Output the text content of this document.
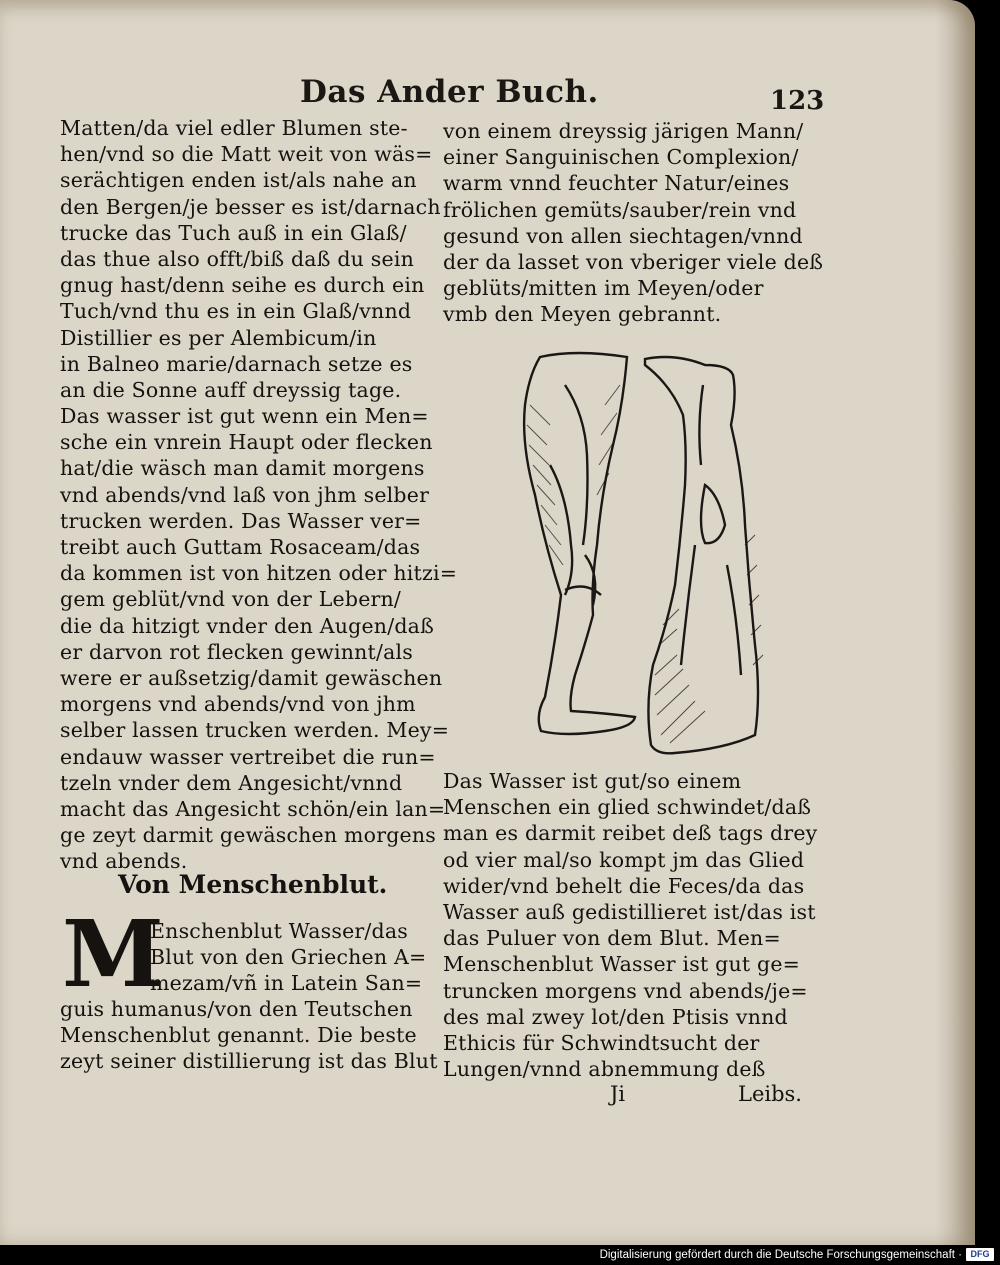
Das Ander Buch.	123
Matten/da viel edler Blumen ste-
hen/vnd so die Matt weit von wäs=
serächtigen enden ist/als nahe an
den Bergen/je besser es ist/darnach
trucke das Tuch auß in ein Glaß/
das thue also offt/biß daß du sein
gnug hast/denn seihe es durch ein
Tuch/vnd thu es in ein Glaß/vnnd
Distillier es per Alembicum/in
in Balneo marie/darnach setze es
an die Sonne auff dreyssig tage.
Das wasser ist gut wenn ein Men=
sche ein vnrein Haupt oder flecken
hat/die wäsch man damit morgens
vnd abends/vnd laß von jhm selber
trucken werden. Das Wasser ver=
treibt auch Guttam Rosaceam/das
da kommen ist von hitzen oder hitzi=
gem geblüt/vnd von der Lebern/
die da hitzigt vnder den Augen/daß
er darvon rot flecken gewinnt/als
were er außsetzig/damit gewäschen
morgens vnd abends/vnd von jhm
selber lassen trucken werden. Mey=
endauw wasser vertreibet die run=
tzeln vnder dem Angesicht/vnnd
macht das Angesicht schön/ein lan=
ge zeyt darmit gewäschen morgens
vnd abends.
Von Menschenblut.
M
Enschenblut Wasser/das
Blut von den Griechen A=
mezam/vñ in Latein San=
guis humanus/von den Teutschen
Menschenblut genannt. Die beste
zeyt seiner distillierung ist das Blut
von einem dreyssig järigen Mann/
einer Sanguinischen Complexion/
warm vnnd feuchter Natur/eines
frölichen gemüts/sauber/rein vnd
gesund von allen siechtagen/vnnd
der da lasset von vberiger viele deß
geblüts/mitten im Meyen/oder
vmb den Meyen gebrannt.
Das Wasser ist gut/so einem
Menschen ein glied schwindet/daß
man es darmit reibet deß tags drey
od vier mal/so kompt jm das Glied
wider/vnd behelt die Feces/da das
Wasser auß gedistillieret ist/das ist
das Puluer von dem Blut. Men=
Menschenblut Wasser ist gut ge=
truncken morgens vnd abends/je=
des mal zwey lot/den Ptisis vnnd
Ethicis für Schwindtsucht der
Lungen/vnnd abnemmung deß
Ji	Leibs.
Digitalisierung gefördert durch die Deutsche Forschungsgemeinschaft · DFG
